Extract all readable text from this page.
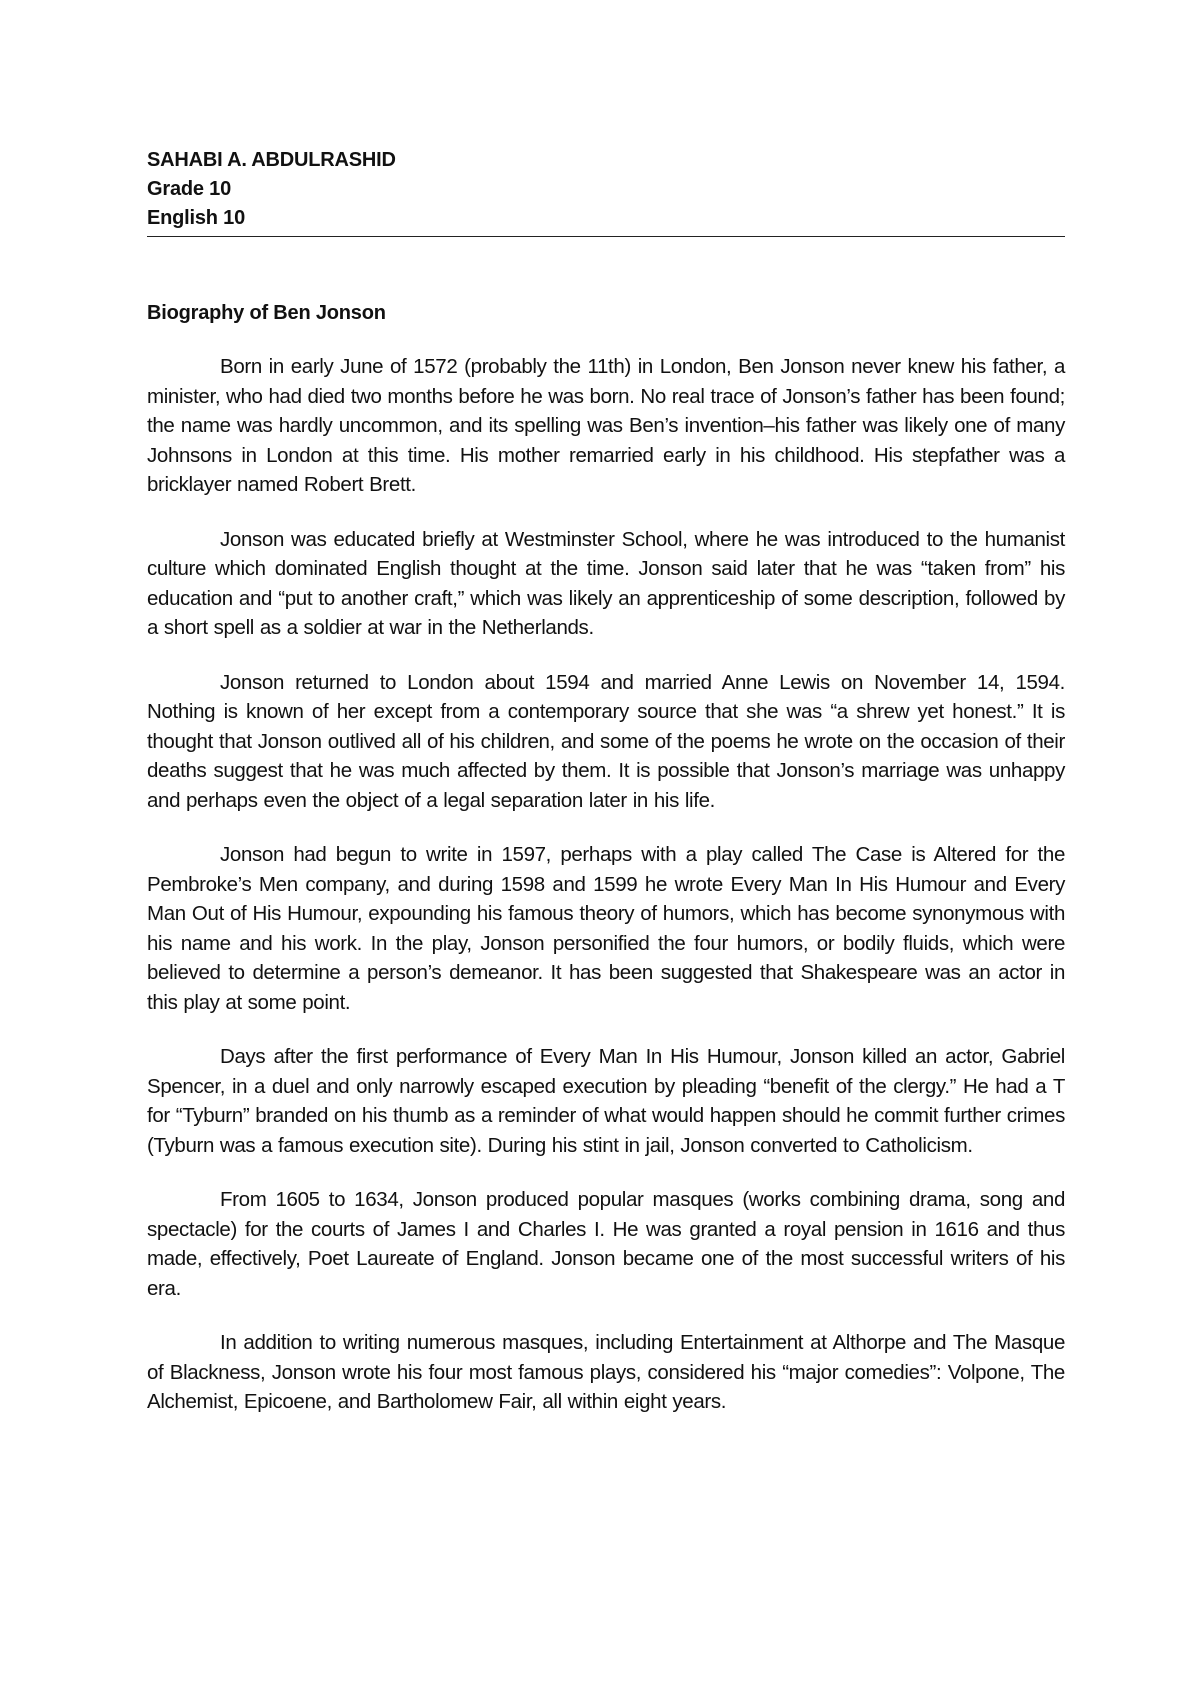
SAHABI A. ABDULRASHID
Grade 10
English 10
Biography of Ben Jonson

Born in early June of 1572 (probably the 11th) in London, Ben Jonson never knew his father, a minister, who had died two months before he was born. No real trace of Jonson’s father has been found; the name was hardly uncommon, and its spelling was Ben’s invention–his father was likely one of many Johnsons in London at this time. His mother remarried early in his childhood. His stepfather was a bricklayer named Robert Brett.

Jonson was educated briefly at Westminster School, where he was introduced to the humanist culture which dominated English thought at the time. Jonson said later that he was “taken from” his education and “put to another craft,” which was likely an apprenticeship of some description, followed by a short spell as a soldier at war in the Netherlands.

Jonson returned to London about 1594 and married Anne Lewis on November 14, 1594. Nothing is known of her except from a contemporary source that she was “a shrew yet honest.” It is thought that Jonson outlived all of his children, and some of the poems he wrote on the occasion of their deaths suggest that he was much affected by them. It is possible that Jonson’s marriage was unhappy and perhaps even the object of a legal separation later in his life.

Jonson had begun to write in 1597, perhaps with a play called The Case is Altered for the Pembroke’s Men company, and during 1598 and 1599 he wrote Every Man In His Humour and Every Man Out of His Humour, expounding his famous theory of humors, which has become synonymous with his name and his work. In the play, Jonson personified the four humors, or bodily fluids, which were believed to determine a person’s demeanor. It has been suggested that Shakespeare was an actor in this play at some point.

Days after the first performance of Every Man In His Humour, Jonson killed an actor, Gabriel Spencer, in a duel and only narrowly escaped execution by pleading “benefit of the clergy.” He had a T for “Tyburn” branded on his thumb as a reminder of what would happen should he commit further crimes (Tyburn was a famous execution site). During his stint in jail, Jonson converted to Catholicism.

From 1605 to 1634, Jonson produced popular masques (works combining drama, song and spectacle) for the courts of James I and Charles I. He was granted a royal pension in 1616 and thus made, effectively, Poet Laureate of England. Jonson became one of the most successful writers of his era.

In addition to writing numerous masques, including Entertainment at Althorpe and The Masque of Blackness, Jonson wrote his four most famous plays, considered his “major comedies”: Volpone, The Alchemist, Epicoene, and Bartholomew Fair, all within eight years.
